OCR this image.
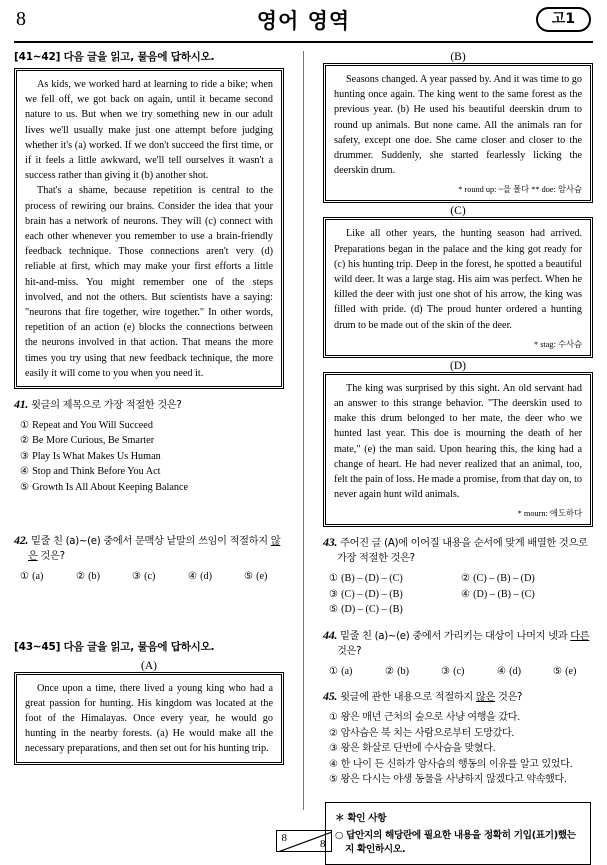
8	영어 영역	고1
[41~42] 다음 글을 읽고, 물음에 답하시오.

As kids, we worked hard at learning to ride a bike; when we fell off, we got back on again, until it became second nature to us. But when we try something new in our adult lives we'll usually make just one attempt before judging whether it's (a) worked. If we don't succeed the first time, or if it feels a little awkward, we'll tell ourselves it wasn't a success rather than giving it (b) another shot.

That's a shame, because repetition is central to the process of rewiring our brains. Consider the idea that your brain has a network of neurons. They will (c) connect with each other whenever you remember to use a brain-friendly feedback technique. Those connections aren't very (d) reliable at first, which may make your first efforts a little hit-and-miss. You might remember one of the steps involved, and not the others. But scientists have a saying: "neurons that fire together, wire together." In other words, repetition of an action (e) blocks the connections between the neurons involved in that action. That means the more times you try using that new feedback technique, the more easily it will come to you when you need it.

41. 윗글의 제목으로 가장 적절한 것은?
① Repeat and You Will Succeed
② Be More Curious, Be Smarter
③ Play Is What Makes Us Human
④ Stop and Think Before You Act
⑤ Growth Is All About Keeping Balance
42. 밑줄 친 (a)~(e) 중에서 문맥상 낱말의 쓰임이 적절하지 않은 것은?
① (a)	② (b)	③ (c)	④ (d)	⑤ (e)
[43~45] 다음 글을 읽고, 물음에 답하시오.
(A)

Once upon a time, there lived a young king who had a great passion for hunting. His kingdom was located at the foot of the Himalayas. Once every year, he would go hunting in the nearby forests. (a) He would make all the necessary preparations, and then set out for his hunting trip.

(B)

Seasons changed. A year passed by. And it was time to go hunting once again. The king went to the same forest as the previous year. (b) He used his beautiful deerskin drum to round up animals. But none came. All the animals ran for safety, except one doe. She came closer and closer to the drummer. Suddenly, she started fearlessly licking the deerskin drum.

* round up: ~을 몰다 ** doe: 암사슴
(C)

Like all other years, the hunting season had arrived. Preparations began in the palace and the king got ready for (c) his hunting trip. Deep in the forest, he spotted a beautiful wild deer. It was a large stag. His aim was perfect. When he killed the deer with just one shot of his arrow, the king was filled with pride. (d) The proud hunter ordered a hunting drum to be made out of the skin of the deer.

* stag: 수사슴
(D)

The king was surprised by this sight. An old servant had an answer to this strange behavior. "The deerskin used to make this drum belonged to her mate, the deer who we hunted last year. This doe is mourning the death of her mate," (e) the man said. Upon hearing this, the king had a change of heart. He had never realized that an animal, too, felt the pain of loss. He made a promise, from that day on, to never again hunt wild animals.

* mourn: 애도하다
43. 주어진 글 (A)에 이어질 내용을 순서에 맞게 배열한 것으로 가장 적절한 것은?
① (B) – (D) – (C)	② (C) – (B) – (D)
③ (C) – (D) – (B)	④ (D) – (B) – (C)
⑤ (D) – (C) – (B)
44. 밑줄 친 (a)~(e) 중에서 가리키는 대상이 나머지 넷과 다른 것은?
① (a)	② (b)	③ (c)	④ (d)	⑤ (e)
45. 윗글에 관한 내용으로 적절하지 않은 것은?
① 왕은 매년 근처의 숲으로 사냥 여행을 갔다.
② 암사슴은 북 치는 사람으로부터 도망갔다.
③ 왕은 화살로 단번에 수사슴을 맞혔다.
④ 한 나이 든 신하가 암사슴의 행동의 이유를 알고 있었다.
⑤ 왕은 다시는 야생 동물을 사냥하지 않겠다고 약속했다.
＊ 확인 사항
○ 답안지의 해당란에 필요한 내용을 정확히 기입(표기)했는지 확인하시오.
8	8
